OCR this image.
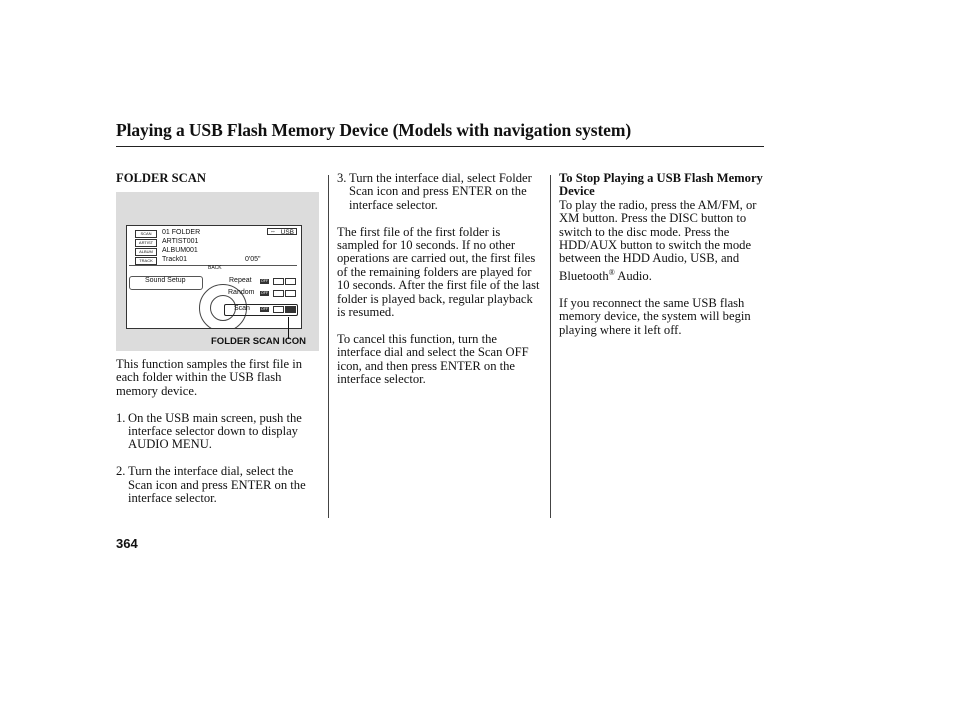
Playing a USB Flash Memory Device (Models with navigation system)
FOLDER SCAN
SCAN
ARTIST
ALBUM
TRACK
01 FOLDER
ARTIST001
ALBUM001
Track01	0'05"
⇔ USB
BACK
Sound Setup	Repeat	OFF
Random OFF
Scan	OFF
FOLDER SCAN ICON

This function samples the first file in each folder within the USB flash memory device.

1. On the USB main screen, push the interface selector down to display AUDIO MENU.
2. Turn the interface dial, select the Scan icon and press ENTER on the interface selector.
3. Turn the interface dial, select Folder Scan icon and press ENTER on the interface selector.

The first file of the first folder is sampled for 10 seconds. If no other operations are carried out, the first files of the remaining folders are played for 10 seconds. After the first file of the last folder is played back, regular playback is resumed.

To cancel this function, turn the interface dial and select the Scan OFF icon, and then press ENTER on the interface selector.

To Stop Playing a USB Flash Memory Device

To play the radio, press the AM/FM, or XM button. Press the DISC button to switch to the disc mode. Press the HDD/AUX button to switch the mode between the HDD Audio, USB, and Bluetooth® Audio.

If you reconnect the same USB flash memory device, the system will begin playing where it left off.

364
